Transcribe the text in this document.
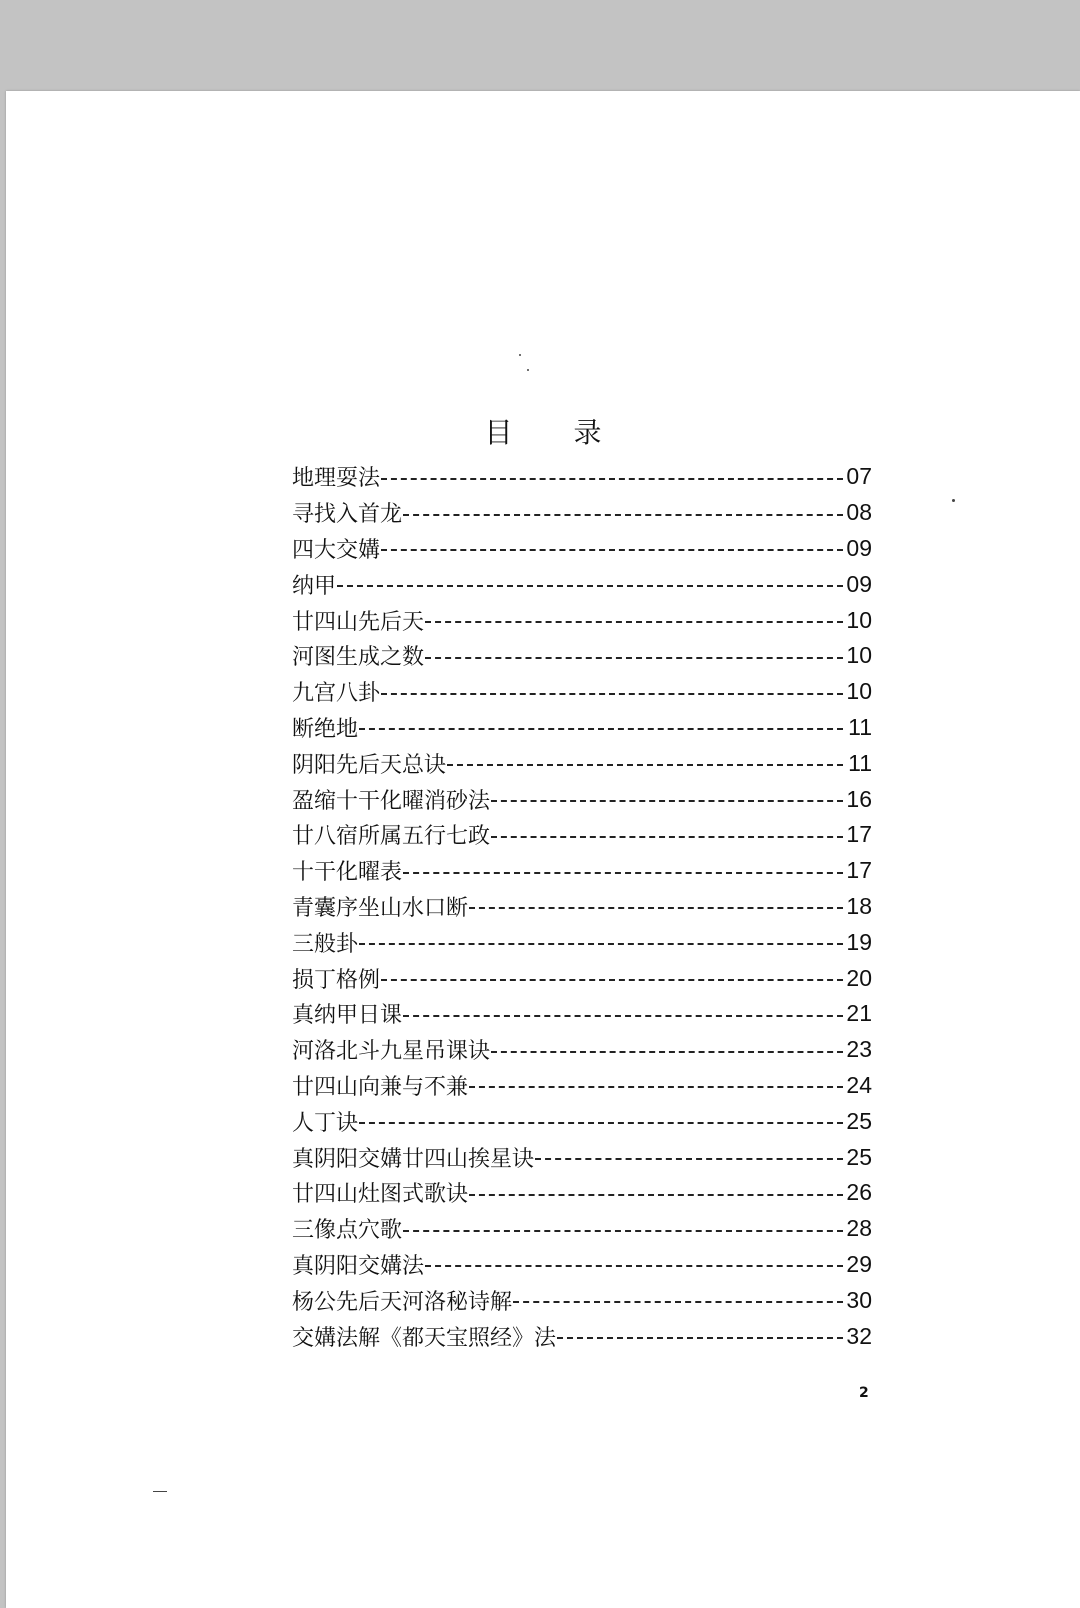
目 录
地理耍法	07
寻找入首龙	08
四大交媾	09
纳甲	09
廿四山先后天	10
河图生成之数	10
九宫八卦	10
断绝地	11
阴阳先后天总诀	11
盈缩十干化曜消砂法	16
廿八宿所属五行七政	17
十干化曜表	17
青囊序坐山水口断	18
三般卦	19
损丁格例	20
真纳甲日课	21
河洛北斗九星吊课诀	23
廿四山向兼与不兼	24
人丁诀	25
真阴阳交媾廿四山挨星诀	25
廿四山灶图式歌诀	26
三像点穴歌	28
真阴阳交媾法	29
杨公先后天河洛秘诗解	30
交媾法解《都天宝照经》法	32
2
